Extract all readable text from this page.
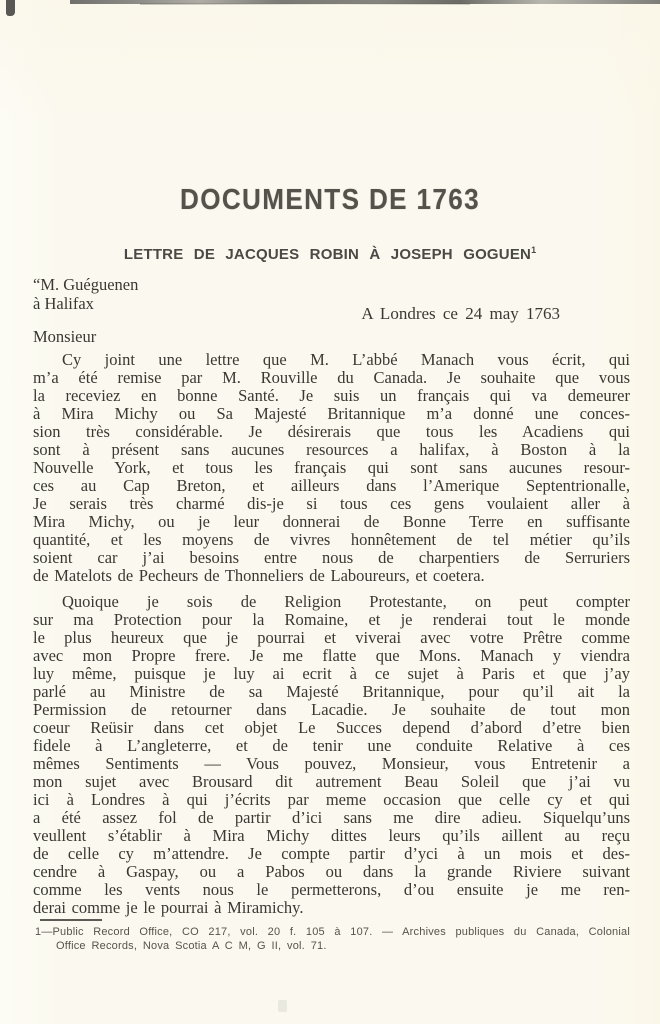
DOCUMENTS DE 1763
LETTRE DE JACQUES ROBIN À JOSEPH GOGUEN$^1$
“M. Guéguenen
à Halifax
A Londres ce 24 may 1763
Monsieur
Cy joint une lettre que M. L’abbé Manach vous écrit, qui
m’a été remise par M. Rouville du Canada. Je souhaite que vous
la receviez en bonne Santé. Je suis un français qui va demeurer
à Mira Michy ou Sa Majesté Britannique m’a donné une conces-
sion très considérable. Je désirerais que tous les Acadiens qui
sont à présent sans aucunes resources a halifax, à Boston à la
Nouvelle York, et tous les français qui sont sans aucunes resour-
ces au Cap Breton, et ailleurs dans l’Amerique Septentrionalle,
Je serais très charmé dis-je si tous ces gens voulaient aller à
Mira Michy, ou je leur donnerai de Bonne Terre en suffisante
quantité, et les moyens de vivres honnêtement de tel métier qu’ils
soient car j’ai besoins entre nous de charpentiers de Serruriers
de Matelots de Pecheurs de Thonneliers de Laboureurs, et coetera.
Quoique je sois de Religion Protestante, on peut compter
sur ma Protection pour la Romaine, et je renderai tout le monde
le plus heureux que je pourrai et viverai avec votre Prêtre comme
avec mon Propre frere. Je me flatte que Mons. Manach y viendra
luy même, puisque je luy ai ecrit à ce sujet à Paris et que j’ay
parlé au Ministre de sa Majesté Britannique, pour qu’il ait la
Permission de retourner dans Lacadie. Je souhaite de tout mon
coeur Reüsir dans cet objet Le Succes depend d’abord d’etre bien
fidele à L’angleterre, et de tenir une conduite Relative à ces
mêmes Sentiments — Vous pouvez, Monsieur, vous Entretenir a
mon sujet avec Brousard dit autrement Beau Soleil que j’ai vu
ici à Londres à qui j’écrits par meme occasion que celle cy et qui
a été assez fol de partir d’ici sans me dire adieu. Siquelqu’uns
veullent s’établir à Mira Michy dittes leurs qu’ils aillent au reçu
de celle cy m’attendre. Je compte partir d’yci à un mois et des-
cendre à Gaspay, ou a Pabos ou dans la grande Riviere suivant
comme les vents nous le permetterons, d’ou ensuite je me ren-
derai comme je le pourrai à Miramichy.
1—Public Record Office, CO 217, vol. 20 f. 105 à 107. — Archives publiques du Canada, Colonial
Office Records, Nova Scotia A C M, G II, vol. 71.
